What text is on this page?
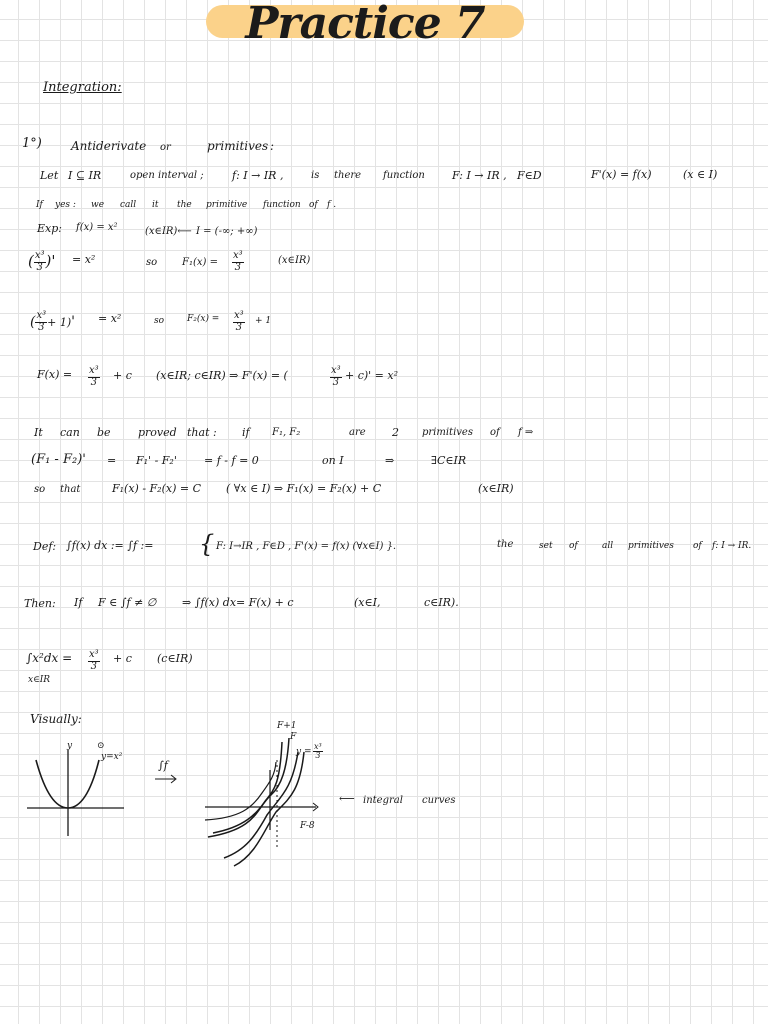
Practice 7
Integration:
1°) Antiderivate or	primitives :
Let I ⊆ IR	open interval ;	f: I → IR ,	is there function F: I → IR , F∈D	F'(x) = f(x)	(x ∈ I)
If yes : we call it the primitive function of f .
Exp: f(x) = x²	(x∈IR)⟵ I = (-∞; +∞)
( $\frac{\text{x³}}{3}$ )' = x²	so $F_1(x) = \frac{\text{x³}}{3}$	(x∈IR)
( $\frac{\text{x³}}{3} + 1)' = x^2$	so	$F_2(x) = \frac{\text{x³}}{3} + 1$
$F(x) = \frac{\text{x³}}{3} + c$ (x∈IR; c∈IR) ⇒ F'(x) = (	$\frac{\text{x³}}{3} + c)' = x^2$
It can be proved that : if F₁, F₂	are 2 primitives of f ⇒
(F₁ - F₂)' = F₁' - F₂' = f - f = 0	on I	⇒	∃C∈IR
so that	F₁(x) - F₂(x) = C ( ∀x ∈ I) ⇒ F₁(x) = F₂(x) + C	(x∈IR)
Def: ∫f(x) dx := ∫f := { F: I→IR , F∈D , F'(x) = f(x) (∀x∈I) }.	the	set of	all primitives of f: I → IR.
Then: If F ∈ ∫f ≠ ∅ ⇒ ∫f(x) dx= F(x) + c	(x∈I,	c∈IR).
$\int x^2dx = \frac{\text{x³}}{3} + c$ (c∈IR)
x∈IR
Visually:
y	⊙
y=x²
∫f
F+1
F
$y = \frac{\text{x³}}{3}$
F-8
⟵ integral curves
